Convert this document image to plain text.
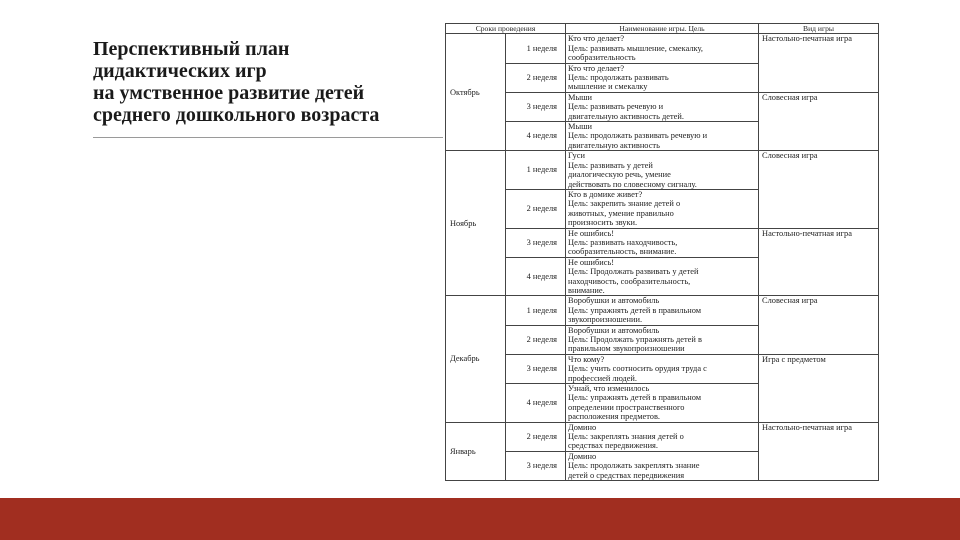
Перспективный план
дидактических игр
на умственное развитие детей
среднего дошкольного возраста
Сроки проведения		Наименование игры. Цель	Вид игры
Октябрь	1 неделя	Кто что делает?
Цель: развивать мышление, смекалку,
сообразительность	Настольно-печатная игра
	2 неделя	Кто что делает?
Цель: продолжать развивать
мышление и смекалку	

	3 неделя	Мыши
Цель: развивать речевую и
двигательную активность детей.	Словесная игра
	4 неделя	Мыши
Цель: продолжать развивать речевую и
двигательную активность	

Ноябрь	1 неделя	Гуси
Цель: развивать у детей
диалогическую речь, умение
действовать по словесному сигналу.	Словесная игра
	2 неделя	Кто в домике живет?
Цель: закрепить знание детей о
животных, умение правильно
произносить звуки.	

	3 неделя	Не ошибись!
Цель: развивать находчивость,
сообразительность, внимание.	Настольно-печатная игра
	4 неделя	Не ошибись!
Цель: Продолжать развивать у детей
находчивость, сообразительность,
внимание.	

Декабрь	1 неделя	Воробушки и автомобиль
Цель: упражнять детей в правильном
звукопроизношении.	Словесная игра
	2 неделя	Воробушки и автомобиль
Цель: Продолжать упражнять детей в
правильном звукопроизношении	

	3 неделя	Что кому?
Цель: учить соотносить орудия труда с
профессией людей.	Игра с предметом
	4 неделя	Узнай, что изменилось
Цель: упражнять детей в правильном
определении пространственного
расположения предметов.	

Январь	2 неделя	Домино
Цель: закреплять знания детей о
средствах передвижения.	Настольно-печатная игра
	3 неделя	Домино
Цель: продолжать закреплять знание
детей о средствах передвижения	
